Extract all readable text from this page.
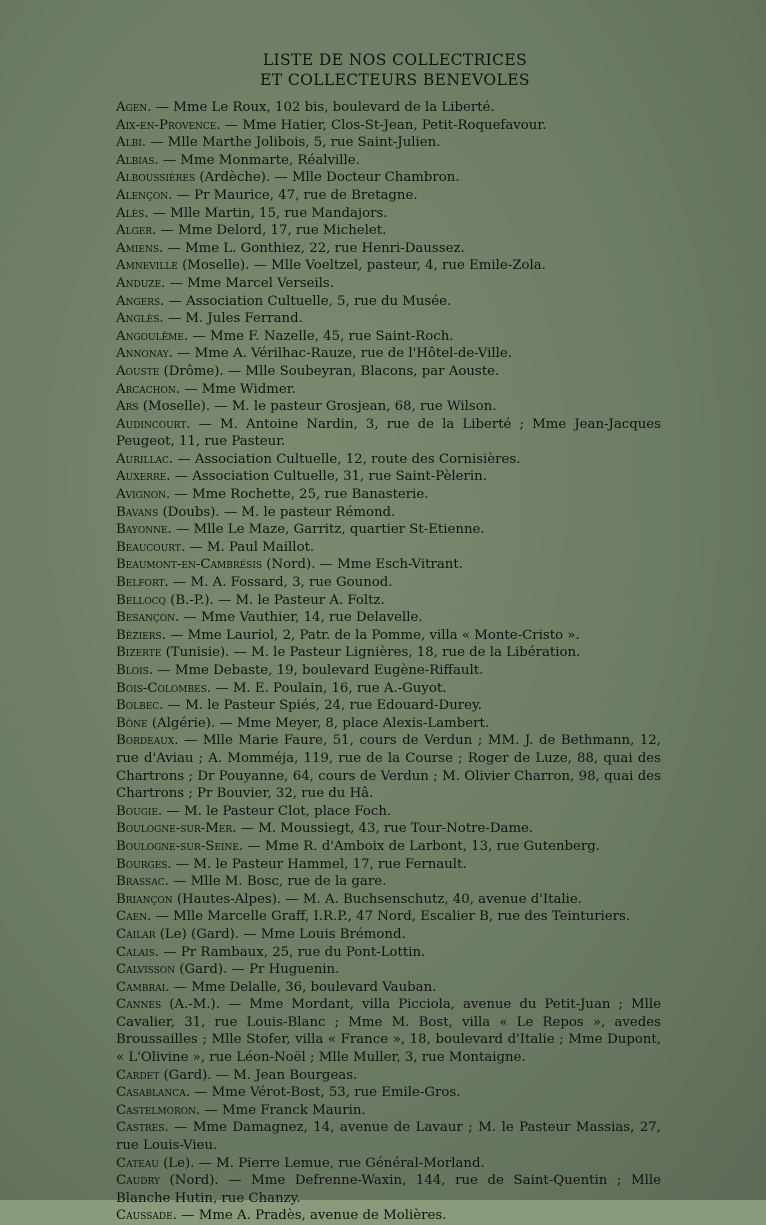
LISTE DE NOS COLLECTRICES
ET COLLECTEURS BENEVOLES
Agen. — Mme Le Roux, 102 bis, boulevard de la Liberté.
Aix-en-Provence. — Mme Hatier, Clos-St-Jean, Petit-Roquefavour.
Albi. — Mlle Marthe Jolibois, 5, rue Saint-Julien.
Albias. — Mme Monmarte, Réalville.
Alboussières (Ardèche). — Mlle Docteur Chambron.
Alençon. — Pr Maurice, 47, rue de Bretagne.
Alès. — Mlle Martin, 15, rue Mandajors.
Alger. — Mme Delord, 17, rue Michelet.
Amiens. — Mme L. Gonthiez, 22, rue Henri-Daussez.
Amneville (Moselle). — Mlle Voeltzel, pasteur, 4, rue Emile-Zola.
Anduze. — Mme Marcel Verseils.
Angers. — Association Cultuelle, 5, rue du Musée.
Anglès. — M. Jules Ferrand.
Angoulême. — Mme F. Nazelle, 45, rue Saint-Roch.
Annonay. — Mme A. Vérilhac-Rauze, rue de l'Hôtel-de-Ville.
Aouste (Drôme). — Mlle Soubeyran, Blacons, par Aouste.
Arcachon. — Mme Widmer.
Ars (Moselle). — M. le pasteur Grosjean, 68, rue Wilson.
Audincourt. — M. Antoine Nardin, 3, rue de la Liberté ; Mme Jean-Jacques Peugeot, 11, rue Pasteur.
Aurillac. — Association Cultuelle, 12, route des Cornisières.
Auxerre. — Association Cultuelle, 31, rue Saint-Pèlerin.
Avignon. — Mme Rochette, 25, rue Banasterie.
Bavans (Doubs). — M. le pasteur Rémond.
Bayonne. — Mlle Le Maze, Garritz, quartier St-Etienne.
Beaucourt. — M. Paul Maillot.
Beaumont-en-Cambrésis (Nord). — Mme Esch-Vitrant.
Belfort. — M. A. Fossard, 3, rue Gounod.
Bellocq (B.-P.). — M. le Pasteur A. Foltz.
Besançon. — Mme Vauthier, 14, rue Delavelle.
Béziers. — Mme Lauriol, 2, Patr. de la Pomme, villa « Monte-Cristo ».
Bizerte (Tunisie). — M. le Pasteur Lignières, 18, rue de la Libération.
Blois. — Mme Debaste, 19, boulevard Eugène-Riffault.
Bois-Colombes. — M. E. Poulain, 16, rue A.-Guyot.
Bolbec. — M. le Pasteur Spiés, 24, rue Edouard-Durey.
Bône (Algérie). — Mme Meyer, 8, place Alexis-Lambert.
Bordeaux. — Mlle Marie Faure, 51, cours de Verdun ; MM. J. de Bethmann, 12, rue d'Aviau ; A. Momméja, 119, rue de la Course ; Roger de Luze, 88, quai des Chartrons ; Dr Pouyanne, 64, cours de Verdun ; M. Olivier Charron, 98, quai des Chartrons ; Pr Bouvier, 32, rue du Hâ.
Bougie. — M. le Pasteur Clot, place Foch.
Boulogne-sur-Mer. — M. Moussiegt, 43, rue Tour-Notre-Dame.
Boulogne-sur-Seine. — Mme R. d'Amboix de Larbont, 13, rue Gutenberg.
Bourges. — M. le Pasteur Hammel, 17, rue Fernault.
Brassac. — Mlle M. Bosc, rue de la gare.
Briançon (Hautes-Alpes). — M. A. Buchsenschutz, 40, avenue d'Italie.
Caen. — Mlle Marcelle Graff, I.R.P., 47 Nord, Escalier B, rue des Teinturiers.
Cailar (Le) (Gard). — Mme Louis Brémond.
Calais. — Pr Rambaux, 25, rue du Pont-Lottin.
Calvisson (Gard). — Pr Huguenin.
Cambrai. — Mme Delalle, 36, boulevard Vauban.
Cannes (A.-M.). — Mme Mordant, villa Picciola, avenue du Petit-Juan ; Mlle Cavalier, 31, rue Louis-Blanc ; Mme M. Bost, villa « Le Repos », avedes Broussailles ; Mlle Stofer, villa « France », 18, boulevard d'Italie ; Mme Dupont, « L'Olivine », rue Léon-Noël ; Mlle Muller, 3, rue Montaigne.
Cardet (Gard). — M. Jean Bourgeas.
Casablanca. — Mme Vérot-Bost, 53, rue Emile-Gros.
Castelmoron. — Mme Franck Maurin.
Castres. — Mme Damagnez, 14, avenue de Lavaur ; M. le Pasteur Massias, 27, rue Louis-Vieu.
Cateau (Le). — M. Pierre Lemue, rue Général-Morland.
Caudry (Nord). — Mme Defrenne-Waxin, 144, rue de Saint-Quentin ; Mlle Blanche Hutin, rue Chanzy.
Caussade. — Mme A. Pradès, avenue de Molières.
